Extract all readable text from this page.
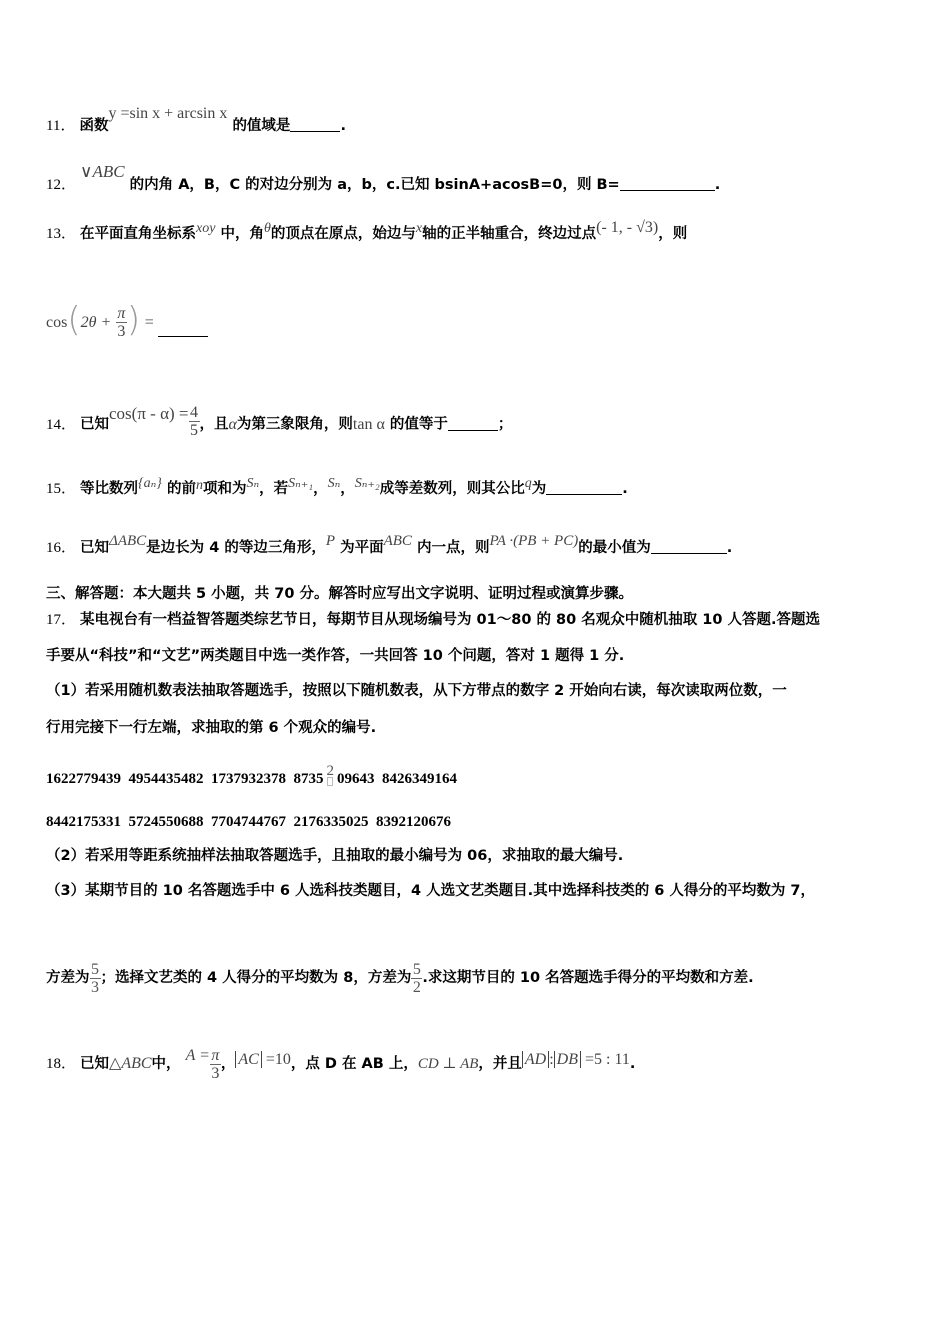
11． 函数y =sin x + arcsin x 的值域是	.
12．∨ABC 的内角 A，B，C 的对边分别为 a，b，c.已知 bsinA+acosB=0，则 B=	.
13． 在平面直角坐标系xoy 中，角θ的顶点在原点，始边与x轴的正半轴重合，终边过点(- 1, - √3)，则
$\cos(2\theta + \frac{\pi}{3}$ ) =
14． 已知$\cos(\pi - \alpha) = \frac{4}{5}$ ，且α为第三象限角，则tan α 的值等于	；
15． 等比数列{aₙ} 的前n项和为Sₙ，若Sₙ₊₁，Sₙ，Sₙ₊₂成等差数列，则其公比q为	.
16． 已知ΔABC是边长为 4 的等边三角形，P 为平面ABC 内一点，则PA ·(PB + PC)的最小值为	.
三、解答题：本大题共 5 小题，共 70 分。解答时应写出文字说明、证明过程或演算步骤。
17． 某电视台有一档益智答题类综艺节日，每期节目从现场编号为 01～80 的 80 名观众中随机抽取 10 人答题.答题选
手要从“科技”和“文艺”两类题目中选一类作答，一共回答 10 个问题，答对 1 题得 1 分.
（1）若采用随机数表法抽取答题选手，按照以下随机数表，从下方带点的数字 2 开始向右读，每次读取两位数，一
行用完接下一行左端，求抽取的第 6 个观众的编号.
1622779439  4954435482  1737932378  8735 2 09643  8426349164
8442175331  5724550688  7704744767  2176335025  8392120676
（2）若采用等距系统抽样法抽取答题选手，且抽取的最小编号为 06，求抽取的最大编号.
（3）某期节目的 10 名答题选手中 6 人选科技类题目，4 人选文艺类题目.其中选择科技类的 6 人得分的平均数为 7，
方差为 $\frac{5}{3}$ ；选择文艺类的 4 人得分的平均数为 8，方差为 $\frac{5}{2}$ .求这期节目的 10 名答题选手得分的平均数和方差.
18． 已知△ABC中， $A = \frac{\pi}{3}$ ， AC =10，点 D 在 AB 上，CD ⊥ AB，并且 AD : DB =5 : 11.
